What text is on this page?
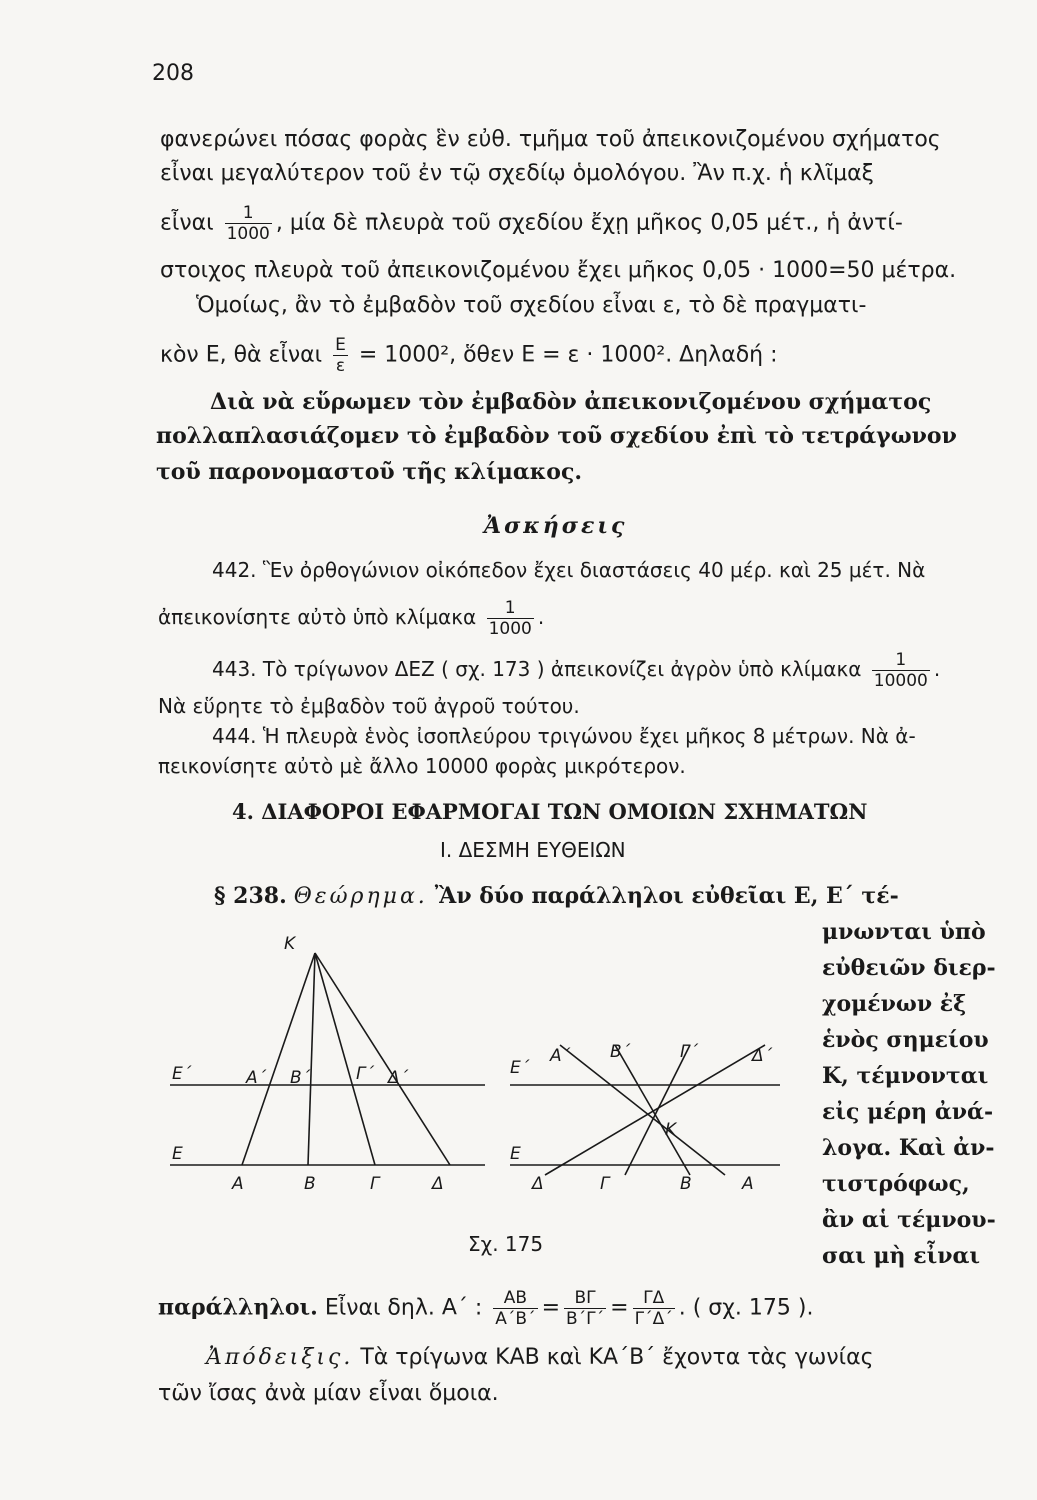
208
φανερώνει πόσας φορὰς ἓν εὐθ. τμῆμα τοῦ ἀπεικονιζομένου σχήματος
εἶναι μεγαλύτερον τοῦ ἐν τῷ σχεδίῳ ὁμολόγου. Ἂν π.χ. ἡ κλῖμαξ
εἶναι $\frac{1}{1000}$ , μία δὲ πλευρὰ τοῦ σχεδίου ἔχῃ μῆκος 0,05 μέτ., ἡ ἀντί-
στοιχος πλευρὰ τοῦ ἀπεικονιζομένου ἔχει μῆκος 0,05 · 1000=50 μέτρα.
Ὁμοίως, ἂν τὸ ἐμβαδὸν τοῦ σχεδίου εἶναι ε, τὸ δὲ πραγματι-
κὸν Ε, θὰ εἶναι $\frac{E}{\varepsilon} = 1000^2$, ὅθεν Ε = ε · 1000². Δηλαδή :
Διὰ νὰ εὕρωμεν τὸν ἐμβαδὸν ἀπεικονιζομένου σχήματος
πολλαπλασιάζομεν τὸ ἐμβαδὸν τοῦ σχεδίου ἐπὶ τὸ τετράγωνον
τοῦ παρονομαστοῦ τῆς κλίμακος.
Ἀσκήσεις
442. Ἓν ὀρθογώνιον οἰκόπεδον ἔχει διαστάσεις 40 μέρ. καὶ 25 μέτ. Νὰ
ἀπεικονίσητε αὐτὸ ὑπὸ κλίμακα $\frac{1}{1000}$ .
443. Τὸ τρίγωνον ΔΕΖ ( σχ. 173 ) ἀπεικονίζει ἀγρὸν ὑπὸ κλίμακα $\frac{1}{10000}$ .
Νὰ εὕρητε τὸ ἐμβαδὸν τοῦ ἀγροῦ τούτου.
444. Ἡ πλευρὰ ἑνὸς ἰσοπλεύρου τριγώνου ἔχει μῆκος 8 μέτρων. Νὰ ἀ-
πεικονίσητε αὐτὸ μὲ ἄλλο 10000 φορὰς μικρότερον.
4. ΔΙΑΦΟΡΟΙ ΕΦΑΡΜΟΓΑΙ ΤΩΝ ΟΜΟΙΩΝ ΣΧΗΜΑΤΩΝ
Ι. ΔΕΣΜΗ ΕΥΘΕΙΩΝ
§ 238. Θεώρημα. Ἂν δύο παράλληλοι εὐθεῖαι Ε, Ε΄ τέ-
μνωνται ὑπὸ
εὐθειῶν διερ-
χομένων ἐξ
ἑνὸς σημείου
Κ, τέμνονται
εἰς μέρη ἀνά-
λογα. Καὶ ἀν-
τιστρόφως,
ἂν αἱ τέμνου-
σαι μὴ εἶναι
K
E΄	A΄ B΄	Γ΄ Δ΄
E
A	B	Γ	Δ
E΄
A΄ B΄	Γ΄	Δ΄
K
E
Δ	Γ	B	A
Σχ. 175
παράλληλοι. Εἶναι δηλ. Α΄ : $\frac{AB}{A΄B΄} = \frac{B\Gamma}{B΄\Gamma΄} = \frac{\Gamma\Delta}{\Gamma΄\Delta΄}$ . ( σχ. 175 ).
Ἀπόδειξις. Τὰ τρίγωνα ΚΑΒ καὶ ΚΑ΄Β΄ ἔχοντα τὰς γωνίας
τῶν ἴσας ἀνὰ μίαν εἶναι ὅμοια.
